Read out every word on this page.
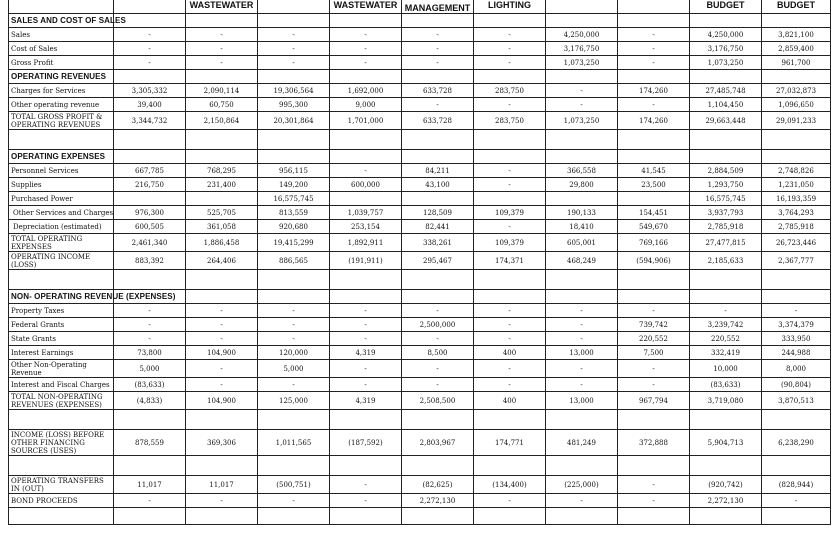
		WASTEWATER		WASTEWATER	MANAGEMENT	LIGHTING			BUDGET	BUDGET
SALES AND COST OF SALES										
Sales	-	-	-	-	-	-	4,250,000	-	4,250,000	3,821,100
Cost of Sales	-	-	-	-	-	-	3,176,750	-	3,176,750	2,859,400
Gross Profit	-	-	-	-	-	-	1,073,250	-	1,073,250	961,700
OPERATING REVENUES										
Charges for Services	3,305,332	2,090,114	19,306,564	1,692,000	633,728	283,750	-	174,260	27,485,748	27,032,873
Other operating revenue	39,400	60,750	995,300	9,000	-	-	-	-	1,104,450	1,096,650
TOTAL GROSS PROFIT & OPERATING REVENUES	3,344,732	2,150,864	20,301,864	1,701,000	633,728	283,750	1,073,250	174,260	29,663,448	29,091,233

OPERATING EXPENSES										
Personnel Services	667,785	768,295	956,115	-	84,211	-	366,558	41,545	2,884,509	2,748,826
Supplies	216,750	231,400	149,200	600,000	43,100	-	29,800	23,500	1,293,750	1,231,050
Purchased Power			16,575,745						16,575,745	16,193,359
Other Services and Charges	976,300	525,705	813,559	1,039,757	128,509	109,379	190,133	154,451	3,937,793	3,764,293
Depreciation (estimated)	600,505	361,058	920,680	253,154	82,441	-	18,410	549,670	2,785,918	2,785,918
TOTAL OPERATING EXPENSES	2,461,340	1,886,458	19,415,299	1,892,911	338,261	109,379	605,001	769,166	27,477,815	26,723,446
OPERATING INCOME (LOSS)	883,392	264,406	886,565	(191,911)	295,467	174,371	468,249	(594,906)	2,185,633	2,367,777

NON- OPERATING REVENUE (EXPENSES)										
Property Taxes	-	-	-	-	-	-	-	-	-	-
Federal Grants	-	-	-	-	2,500,000	-	-	739,742	3,239,742	3,374,379
State Grants	-	-	-	-	-	-	-	220,552	220,552	333,950
Interest Earnings	73,800	104,900	120,000	4,319	8,500	400	13,000	7,500	332,419	244,988
Other Non-Operating Revenue	5,000	-	5,000	-	-	-	-	-	10,000	8,000
Interest and Fiscal Charges	(83,633)	-	-	-	-	-	-	-	(83,633)	(90,804)
TOTAL NON-OPERATING REVENUES (EXPENSES)	(4,833)	104,900	125,000	4,319	2,508,500	400	13,000	967,794	3,719,080	3,870,513

INCOME (LOSS) BEFORE OTHER FINANCING SOURCES (USES)	878,559	369,306	1,011,565	(187,592)	2,803,967	174,771	481,249	372,888	5,904,713	6,238,290

OPERATING TRANSFERS IN (OUT)	11,017	11,017	(500,751)	-	(82,625)	(134,400)	(225,000)	-	(920,742)	(828,944)
BOND PROCEEDS	-	-	-	-	2,272,130	-	-	-	2,272,130	-
